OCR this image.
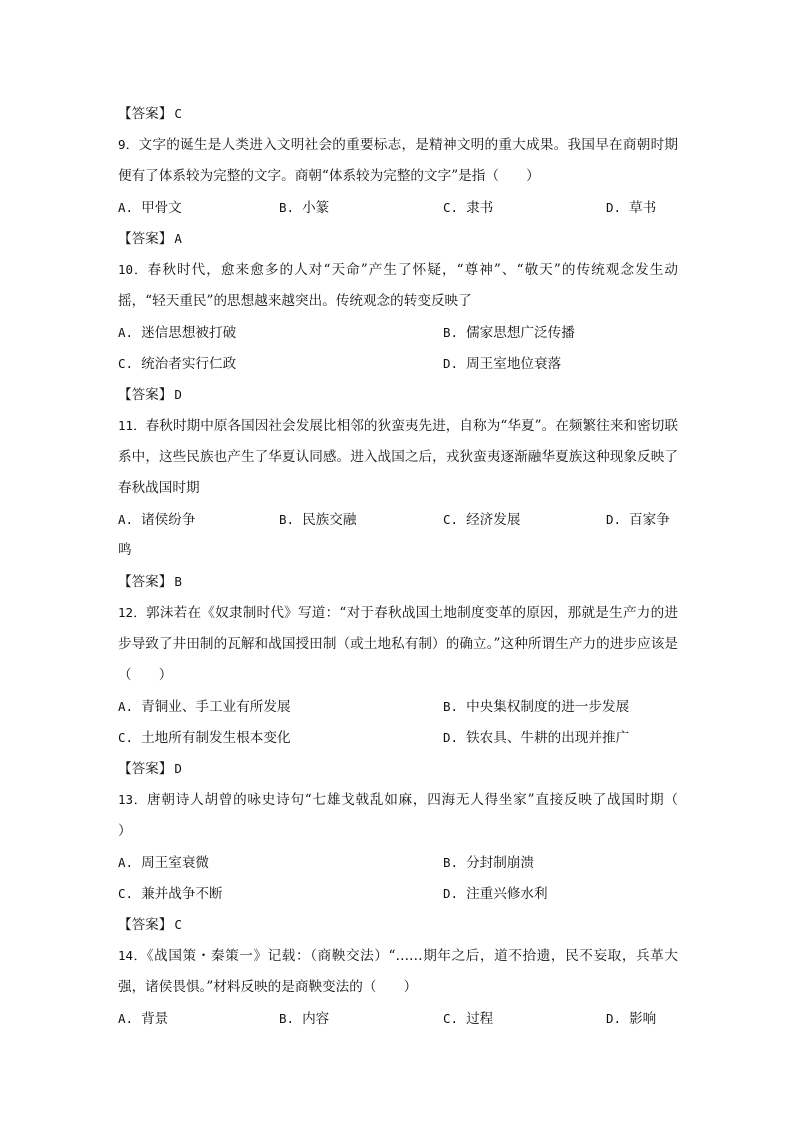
【答案】 C
9．文字的诞生是人类进入文明社会的重要标志，是精神文明的重大成果。我国早在商朝时期便有了体系较为完整的文字。商朝“体系较为完整的文字”是指（　　）
A. 甲骨文	B. 小篆	C. 隶书	D. 草书
【答案】 A
10．春秋时代，愈来愈多的人对“天命”产生了怀疑，“尊神”、“敬天”的传统观念发生动摇，“轻天重民”的思想越来越突出。传统观念的转变反映了
A. 迷信思想被打破	B. 儒家思想广泛传播
C. 统治者实行仁政	D. 周王室地位衰落
【答案】 D
11．春秋时期中原各国因社会发展比相邻的狄蛮夷先进，自称为“华夏”。在频繁往来和密切联系中，这些民族也产生了华夏认同感。进入战国之后，戎狄蛮夷逐渐融华夏族这种现象反映了春秋战国时期
A. 诸侯纷争	B. 民族交融	C. 经济发展	D. 百家争
鸣
【答案】 B
12．郭沫若在《奴隶制时代》写道：“对于春秋战国土地制度变革的原因，那就是生产力的进步导致了井田制的瓦解和战国授田制（或土地私有制）的确立。”这种所谓生产力的进步应该是（　　）
A. 青铜业、手工业有所发展	B. 中央集权制度的进一步发展
C. 土地所有制发生根本变化	D. 铁农具、牛耕的出现并推广
【答案】 D
13．唐朝诗人胡曾的咏史诗句“七雄戈戟乱如麻，四海无人得坐家”直接反映了战国时期（　　）
A. 周王室衰微	B. 分封制崩溃
C. 兼并战争不断	D. 注重兴修水利
【答案】 C
14．《战国策・秦策一》记载：（商鞅交法）“……期年之后，道不拾遗，民不妄取，兵革大强，诸侯畏惧。”材料反映的是商鞅变法的（　　）
A. 背景	B. 内容	C. 过程	D. 影响
